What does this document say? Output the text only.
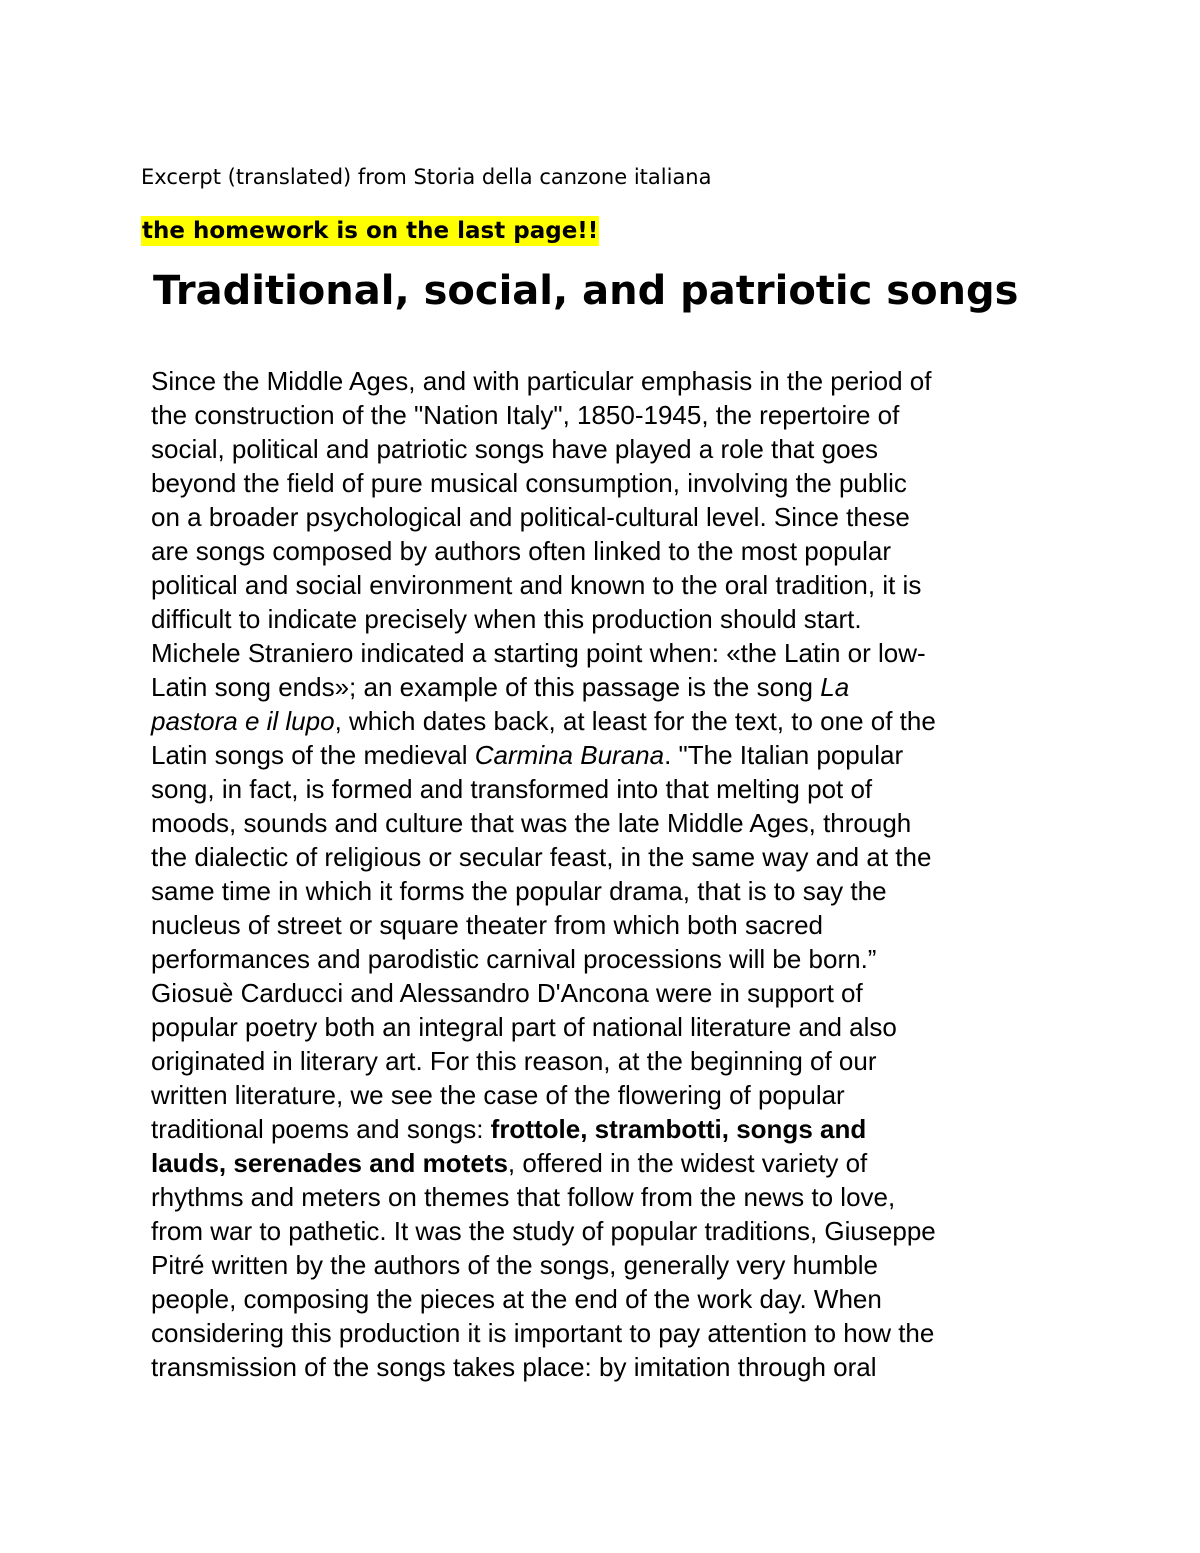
Excerpt (translated) from Storia della canzone italiana

the homework is on the last page!!

Traditional, social, and patriotic songs
Since the Middle Ages, and with particular emphasis in the period of
the construction of the "Nation Italy", 1850-1945, the repertoire of
social, political and patriotic songs have played a role that goes
beyond the field of pure musical consumption, involving the public
on a broader psychological and political-cultural level. Since these
are songs composed by authors often linked to the most popular
political and social environment and known to the oral tradition, it is
difficult to indicate precisely when this production should start.
Michele Straniero indicated a starting point when: «the Latin or low-
Latin song ends»; an example of this passage is the song La
pastora e il lupo, which dates back, at least for the text, to one of the
Latin songs of the medieval Carmina Burana. "The Italian popular
song, in fact, is formed and transformed into that melting pot of
moods, sounds and culture that was the late Middle Ages, through
the dialectic of religious or secular feast, in the same way and at the
same time in which it forms the popular drama, that is to say the
nucleus of street or square theater from which both sacred
performances and parodistic carnival processions will be born.”
Giosuè Carducci and Alessandro D'Ancona were in support of
popular poetry both an integral part of national literature and also
originated in literary art. For this reason, at the beginning of our
written literature, we see the case of the flowering of popular
traditional poems and songs: frottole, strambotti, songs and
lauds, serenades and motets, offered in the widest variety of
rhythms and meters on themes that follow from the news to love,
from war to pathetic. It was the study of popular traditions, Giuseppe
Pitré written by the authors of the songs, generally very humble
people, composing the pieces at the end of the work day. When
considering this production it is important to pay attention to how the
transmission of the songs takes place: by imitation through oral
